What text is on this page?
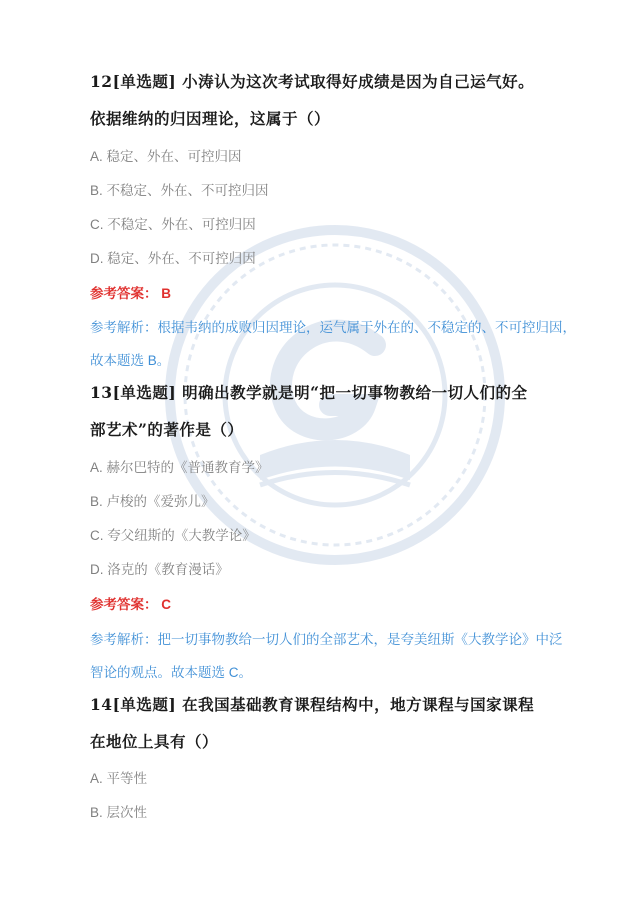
12[单选题] 小涛认为这次考试取得好成绩是因为自己运气好。
依据维纳的归因理论，这属于（）
A. 稳定、外在、可控归因
B. 不稳定、外在、不可控归因
C. 不稳定、外在、可控归因
D. 稳定、外在、不可控归因
参考答案： B
参考解析：根据韦纳的成败归因理论，运气属于外在的、不稳定的、不可控归因，
故本题选 B。
13[单选题] 明确出教学就是明“把一切事物教给一切人们的全
部艺术”的著作是（）
A. 赫尔巴特的《普通教育学》
B. 卢梭的《爱弥儿》
C. 夸父纽斯的《大教学论》
D. 洛克的《教育漫话》
参考答案： C
参考解析：把一切事物教给一切人们的全部艺术，是夸美纽斯《大教学论》中泛
智论的观点。故本题选 C。
14[单选题] 在我国基础教育课程结构中，地方课程与国家课程
在地位上具有（）
A. 平等性
B. 层次性
